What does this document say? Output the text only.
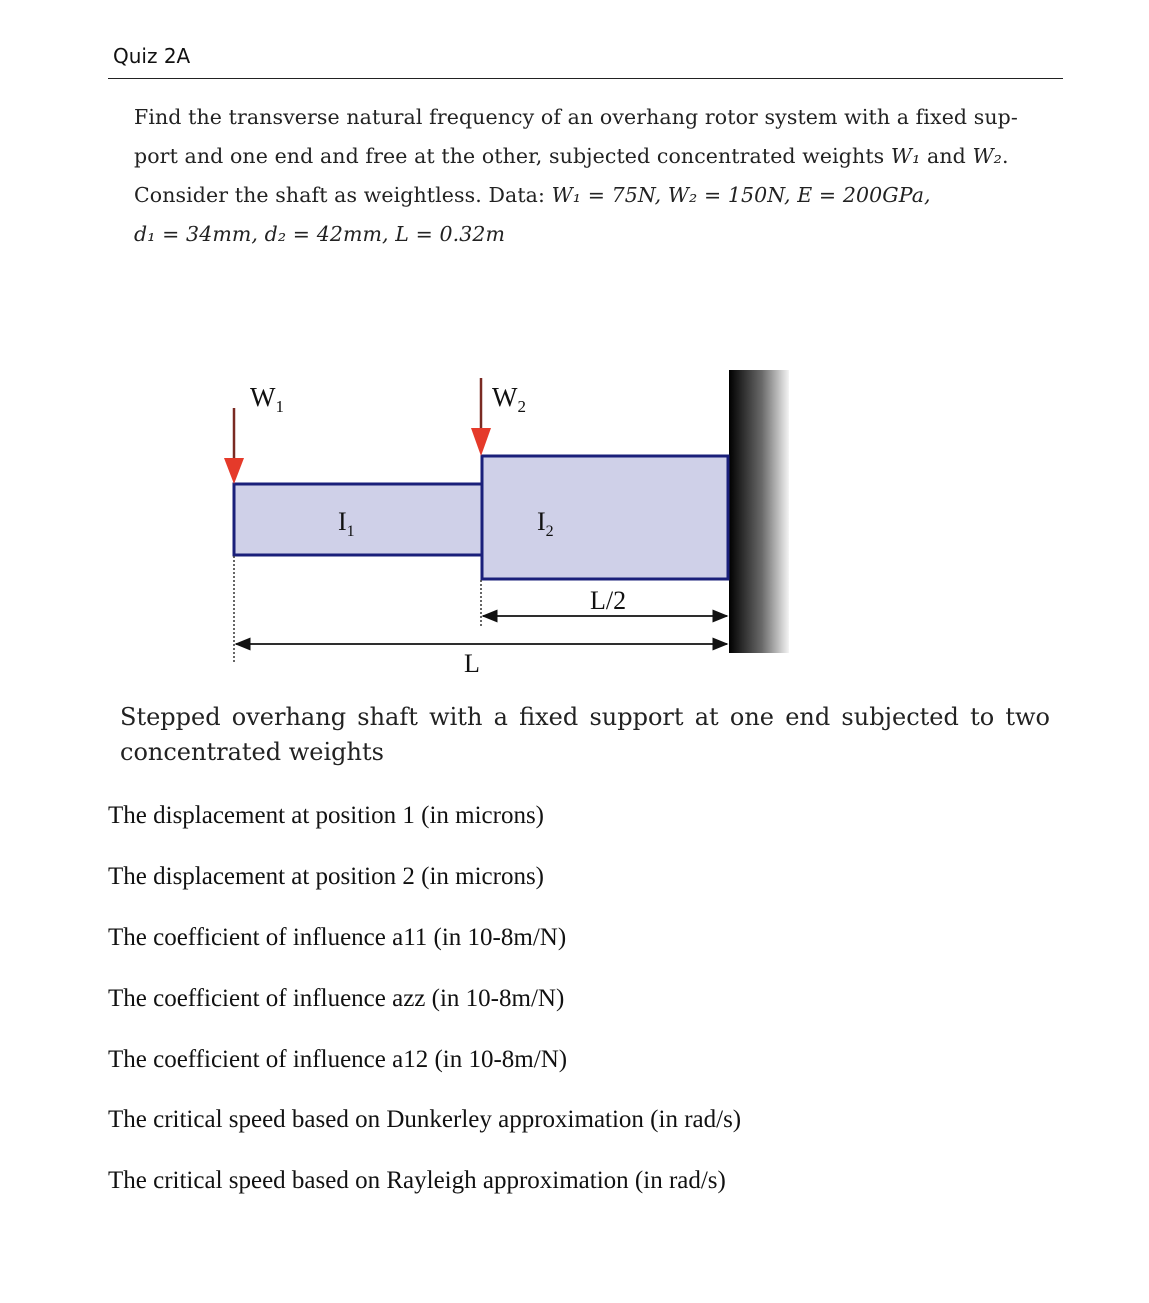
Quiz 2A
Find the transverse natural frequency of an overhang rotor system with a fixed sup-
port and one end and free at the other, subjected concentrated weights W₁ and W₂.
Consider the shaft as weightless. Data: W₁ = 75N, W₂ = 150N, E = 200GPa,
d₁ = 34mm, d₂ = 42mm, L = 0.32m
$W_1$	$W_2$
$I_1$	$I_2$
L/2
L
Stepped overhang shaft with a fixed support at one end subjected to two concentrated weights
The displacement at position 1 (in microns)
The displacement at position 2 (in microns)
The coefficient of influence a11 (in 10-8m/N)
The coefficient of influence azz (in 10-8m/N)
The coefficient of influence a12 (in 10-8m/N)
The critical speed based on Dunkerley approximation (in rad/s)
The critical speed based on Rayleigh approximation (in rad/s)
